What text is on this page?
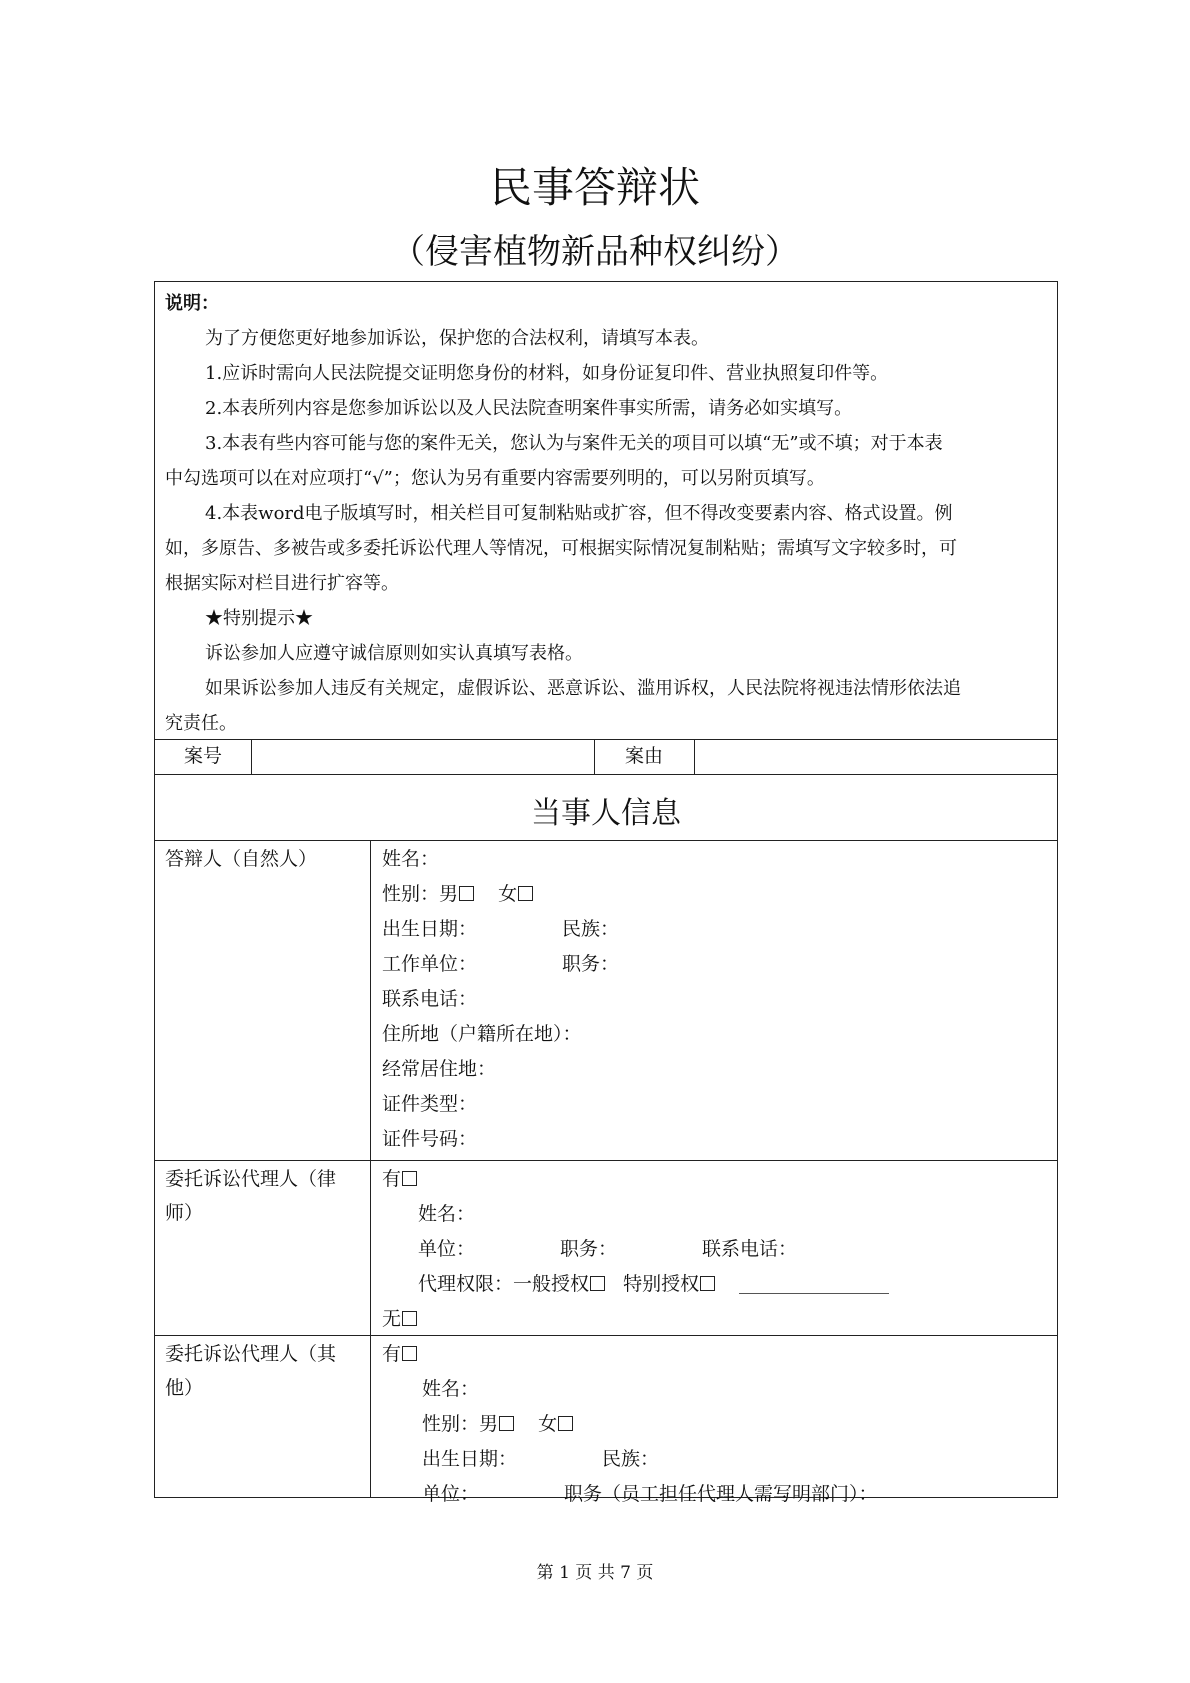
民事答辩状
（侵害植物新品种权纠纷）
说明：
为了方便您更好地参加诉讼，保护您的合法权利，请填写本表。
1.应诉时需向人民法院提交证明您身份的材料，如身份证复印件、营业执照复印件等。
2.本表所列内容是您参加诉讼以及人民法院查明案件事实所需，请务必如实填写。
3.本表有些内容可能与您的案件无关，您认为与案件无关的项目可以填“无”或不填；对于本表
中勾选项可以在对应项打“√”；您认为另有重要内容需要列明的，可以另附页填写。
4.本表word电子版填写时，相关栏目可复制粘贴或扩容，但不得改变要素内容、格式设置。例
如，多原告、多被告或多委托诉讼代理人等情况，可根据实际情况复制粘贴；需填写文字较多时，可
根据实际对栏目进行扩容等。
★特别提示★
诉讼参加人应遵守诚信原则如实认真填写表格。
如果诉讼参加人违反有关规定，虚假诉讼、恶意诉讼、滥用诉权，人民法院将视违法情形依法追
究责任。
案号	案由
当事人信息
答辩人（自然人）	姓名：
性别：男 女
出生日期：	民族：
工作单位：	职务：
联系电话：
住所地（户籍所在地）：
经常居住地：
证件类型：
证件号码：
委托诉讼代理人（律
师）
有
姓名：
单位：	职务：	联系电话：
代理权限：一般授权 特别授权
无
委托诉讼代理人（其
他）
有
姓名：
性别：男 女
出生日期：	民族：
单位：	职务（员工担任代理人需写明部门）：
第 1 页 共 7 页
